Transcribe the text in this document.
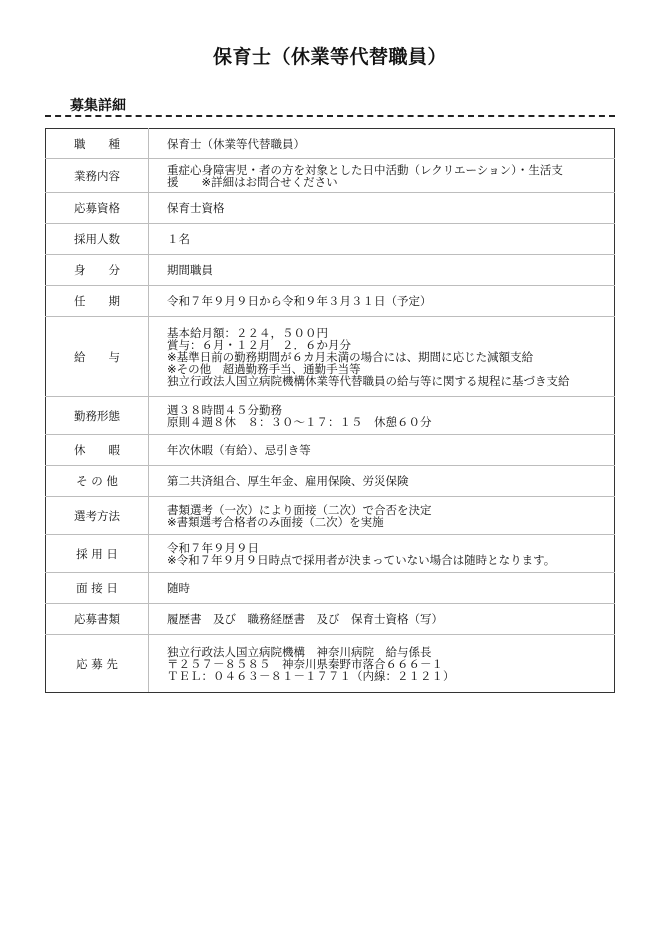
保育士（休業等代替職員）
募集詳細
職　　種	保育士（休業等代替職員）

業務内容	重症心身障害児・者の方を対象とした日中活動（レクリエーション）・生活支
援　　※詳細はお問合せください

応募資格	保育士資格

採用人数	１名

身　　分	期間職員

任　　期	令和７年９月９日から令和９年３月３１日（予定）

給　　与	基本給月額：２２４，５００円
賞与：６月・１２月　２．６か月分
※基準日前の勤務期間が６カ月未満の場合には、期間に応じた減額支給
※その他　超過勤務手当、通勤手当等
独立行政法人国立病院機構休業等代替職員の給与等に関する規程に基づき支給

勤務形態	週３８時間４５分勤務
原則４週８休　８：３０～１７：１５　休憩６０分

休　　暇	年次休暇（有給）、忌引き等

そ の 他	第二共済組合、厚生年金、雇用保険、労災保険

選考方法	書類選考（一次）により面接（二次）で合否を決定
※書類選考合格者のみ面接（二次）を実施

採 用 日	令和７年９月９日
※令和７年９月９日時点で採用者が決まっていない場合は随時となります。

面 接 日	随時

応募書類	履歴書　及び　職務経歴書　及び　保育士資格（写）

応 募 先	独立行政法人国立病院機構　神奈川病院　給与係長
〒２５７－８５８５　神奈川県秦野市落合６６６－１
ＴＥＬ：０４６３－８１－１７７１（内線：２１２１）
